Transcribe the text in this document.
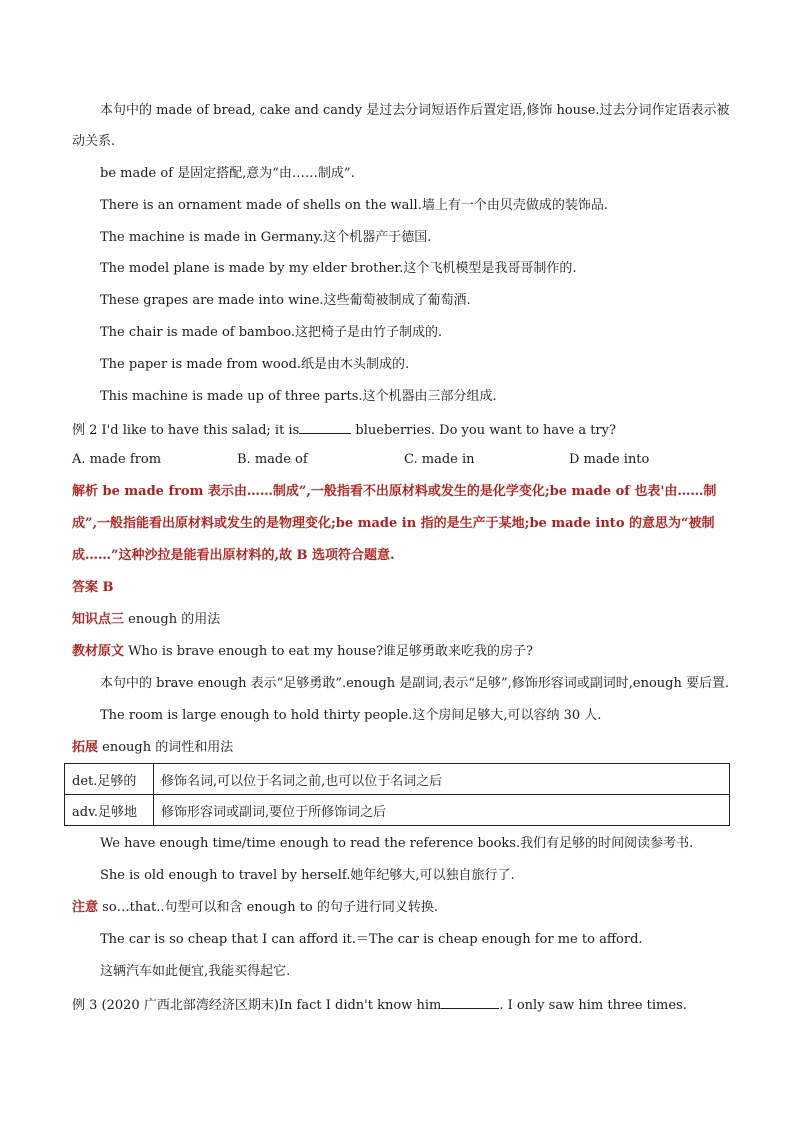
本句中的 made of bread, cake and candy 是过去分词短语作后置定语,修饰 house.过去分词作定语表示被
动关系.
be made of 是固定搭配,意为“由……制成”.
There is an ornament made of shells on the wall.墙上有一个由贝壳做成的装饰品.
The machine is made in Germany.这个机器产于德国.
The model plane is made by my elder brother.这个飞机模型是我哥哥制作的.
These grapes are made into wine.这些葡萄被制成了葡萄酒.
The chair is made of bamboo.这把椅子是由竹子制成的.
The paper is made from wood.纸是由木头制成的.
This machine is made up of three parts.这个机器由三部分组成.
例 2 I'd like to have this salad; it is	blueberries. Do you want to have a try?
A. made from	B. made of	C. made in	D made into
解析 be made from 表示由……制成”,一般指看不出原材料或发生的是化学变化;be made of 也表'由……制
成”,一般指能看出原材料或发生的是物理变化;be made in 指的是生产于某地;be made into 的意思为“被制
成……”这种沙拉是能看出原材料的,故 B 选项符合题意.
答案 B
知识点三 enough 的用法
教材原文 Who is brave enough to eat my house?谁足够勇敢来吃我的房子?
本句中的 brave enough 表示“足够勇敢”.enough 是副词,表示“足够”,修饰形容词或副词时,enough 要后置.
The room is large enough to hold thirty people.这个房间足够大,可以容纳 30 人.
拓展 enough 的词性和用法
det.足够的	修饰名词,可以位于名词之前,也可以位于名词之后
adv.足够地	修饰形容词或副词,要位于所修饰词之后
We have enough time/time enough to read the reference books.我们有足够的时间阅读参考书.
She is old enough to travel by herself.她年纪够大,可以独自旅行了.
注意 so…that..句型可以和含 enough to 的句子进行同义转换.
The car is so cheap that I can afford it.＝The car is cheap enough for me to afford.
这辆汽车如此便宜,我能买得起它.
例 3 (2020 广西北部湾经济区期末)In fact I didn't know him	. I only saw him three times.
